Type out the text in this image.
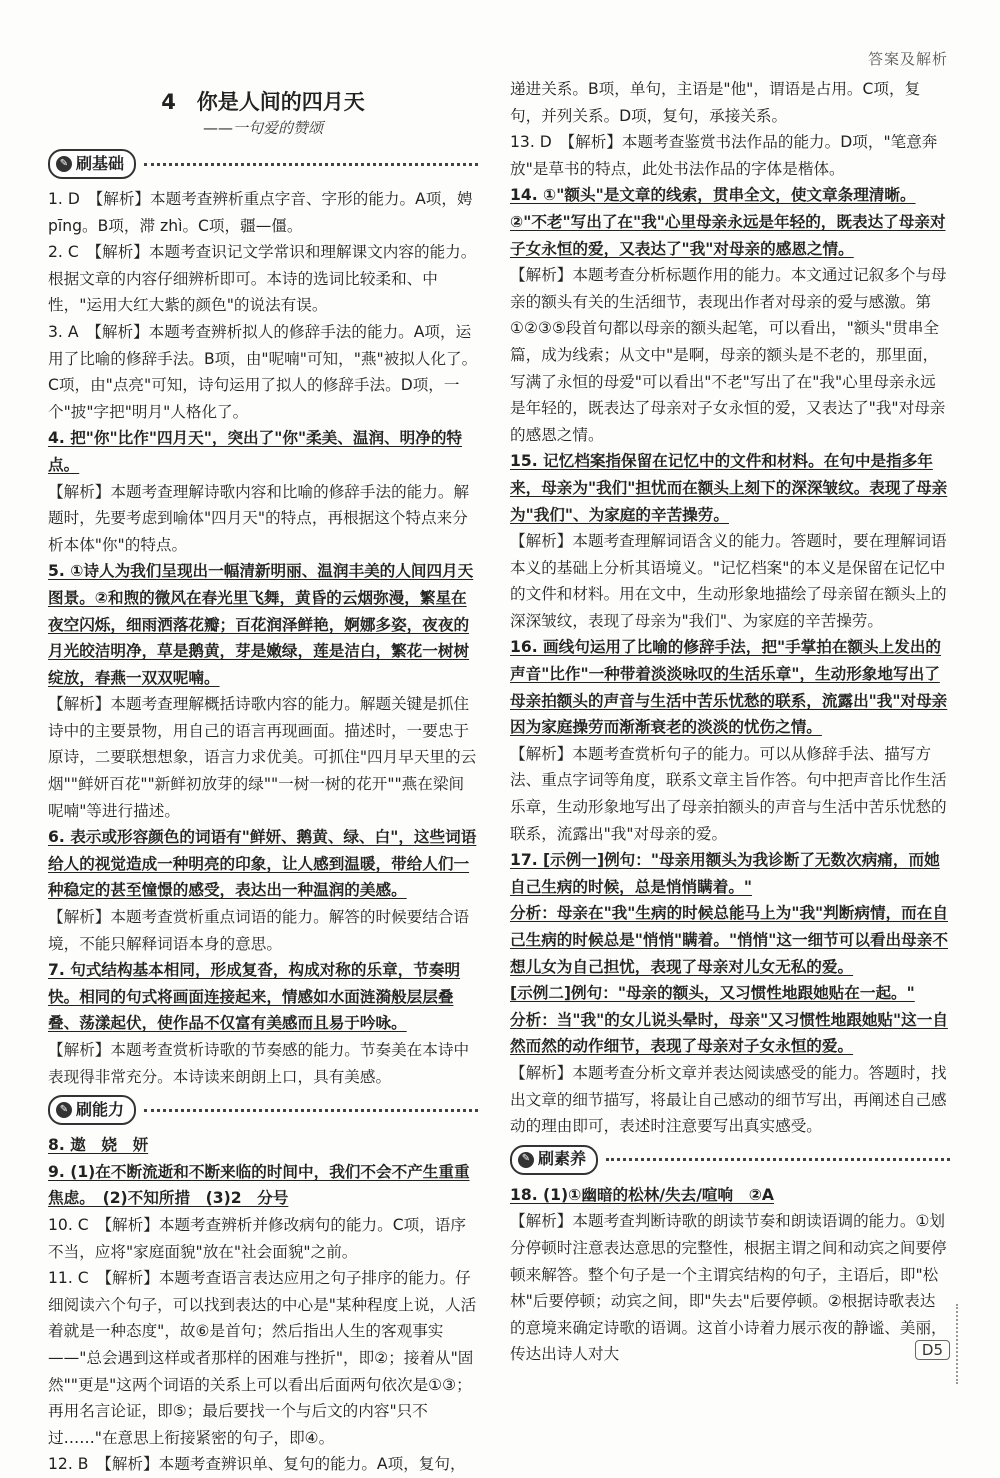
答案及解析
4　你是人间的四月天
——一句爱的赞颂
✎ 刷基础

1. D　【解析】本题考查辨析重点字音、字形的能力。A项，娉 pīng。B项，滞 zhì。C项，疆—僵。

2. C　【解析】本题考查识记文学常识和理解课文内容的能力。根据文章的内容仔细辨析即可。本诗的选词比较柔和、中性，"运用大红大紫的颜色"的说法有误。

3. A　【解析】本题考查辨析拟人的修辞手法的能力。A项，运用了比喻的修辞手法。B项，由"呢喃"可知，"燕"被拟人化了。C项，由"点亮"可知，诗句运用了拟人的修辞手法。D项，一个"披"字把"明月"人格化了。

4. 把"你"比作"四月天"，突出了"你"柔美、温润、明净的特点。

【解析】本题考查理解诗歌内容和比喻的修辞手法的能力。解题时，先要考虑到喻体"四月天"的特点，再根据这个特点来分析本体"你"的特点。

5. ①诗人为我们呈现出一幅清新明丽、温润丰美的人间四月天图景。②和煦的微风在春光里飞舞，黄昏的云烟弥漫，繁星在夜空闪烁，细雨洒落花瓣；百花润泽鲜艳，婀娜多姿，夜夜的月光皎洁明净，草是鹅黄，芽是嫩绿，莲是洁白，繁花一树树绽放，春燕一双双呢喃。

【解析】本题考查理解概括诗歌内容的能力。解题关键是抓住诗中的主要景物，用自己的语言再现画面。描述时，一要忠于原诗，二要联想想象，语言力求优美。可抓住"四月早天里的云烟""鲜妍百花""新鲜初放芽的绿""一树一树的花开""燕在梁间呢喃"等进行描述。

6. 表示或形容颜色的词语有"鲜妍、鹅黄、绿、白"，这些词语给人的视觉造成一种明亮的印象，让人感到温暖，带给人们一种稳定的甚至憧憬的感受，表达出一种温润的美感。

【解析】本题考查赏析重点词语的能力。解答的时候要结合语境，不能只解释词语本身的意思。

7. 句式结构基本相同，形成复沓，构成对称的乐章，节奏明快。相同的句式将画面连接起来，情感如水面涟漪般层层叠叠、荡漾起伏，使作品不仅富有美感而且易于吟咏。

【解析】本题考查赏析诗歌的节奏感的能力。节奏美在本诗中表现得非常充分。本诗读来朗朗上口，具有美感。

✎ 刷能力

8. 遨　娆　妍

9. (1)在不断流逝和不断来临的时间中，我们不会不产生重重焦虑。　(2)不知所措　(3)2　分号

10. C　【解析】本题考查辨析并修改病句的能力。C项，语序不当，应将"家庭面貌"放在"社会面貌"之前。

11. C　【解析】本题考查语言表达应用之句子排序的能力。仔细阅读六个句子，可以找到表达的中心是"某种程度上说，人活着就是一种态度"，故⑥是首句；然后指出人生的客观事实——"总会遇到这样或者那样的困难与挫折"，即②；接着从"固然""更是"这两个词语的关系上可以看出后面两句依次是①③；再用名言论证，即⑤；最后要找一个与后文的内容"只不过……"在意思上衔接紧密的句子，即④。

12. B　【解析】本题考查辨识单、复句的能力。A项，复句，

递进关系。B项，单句，主语是"他"，谓语是占用。C项，复句，并列关系。D项，复句，承接关系。

13. D　【解析】本题考查鉴赏书法作品的能力。D项，"笔意奔放"是草书的特点，此处书法作品的字体是楷体。

14. ①"额头"是文章的线索，贯串全文，使文章条理清晰。②"不老"写出了在"我"心里母亲永远是年轻的，既表达了母亲对子女永恒的爱，又表达了"我"对母亲的感恩之情。

【解析】本题考查分析标题作用的能力。本文通过记叙多个与母亲的额头有关的生活细节，表现出作者对母亲的爱与感激。第①②③⑤段首句都以母亲的额头起笔，可以看出，"额头"贯串全篇，成为线索；从文中"是啊，母亲的额头是不老的，那里面，写满了永恒的母爱"可以看出"不老"写出了在"我"心里母亲永远是年轻的，既表达了母亲对子女永恒的爱，又表达了"我"对母亲的感恩之情。

15. 记忆档案指保留在记忆中的文件和材料。在句中是指多年来，母亲为"我们"担忧而在额头上刻下的深深皱纹。表现了母亲为"我们"、为家庭的辛苦操劳。

【解析】本题考查理解词语含义的能力。答题时，要在理解词语本义的基础上分析其语境义。"记忆档案"的本义是保留在记忆中的文件和材料。用在文中，生动形象地描绘了母亲留在额头上的深深皱纹，表现了母亲为"我们"、为家庭的辛苦操劳。

16. 画线句运用了比喻的修辞手法，把"手掌拍在额头上发出的声音"比作"一种带着淡淡咏叹的生活乐章"，生动形象地写出了母亲拍额头的声音与生活中苦乐忧愁的联系，流露出"我"对母亲因为家庭操劳而渐渐衰老的淡淡的忧伤之情。

【解析】本题考查赏析句子的能力。可以从修辞手法、描写方法、重点字词等角度，联系文章主旨作答。句中把声音比作生活乐章，生动形象地写出了母亲拍额头的声音与生活中苦乐忧愁的联系，流露出"我"对母亲的爱。

17. [示例一]例句："母亲用额头为我诊断了无数次病痛，而她自己生病的时候，总是悄悄瞒着。"

分析：母亲在"我"生病的时候总能马上为"我"判断病情，而在自己生病的时候总是"悄悄"瞒着。"悄悄"这一细节可以看出母亲不想儿女为自己担忧，表现了母亲对儿女无私的爱。

[示例二]例句："母亲的额头，又习惯性地跟她贴在一起。"

分析：当"我"的女儿说头晕时，母亲"又习惯性地跟她贴"这一自然而然的动作细节，表现了母亲对子女永恒的爱。

【解析】本题考查分析文章并表达阅读感受的能力。答题时，找出文章的细节描写，将最让自己感动的细节写出，再阐述自己感动的理由即可，表述时注意要写出真实感受。

✎ 刷素养

18. (1)①幽暗的松林/失去/喧响　②A

【解析】本题考查判断诗歌的朗读节奏和朗读语调的能力。①划分停顿时注意表达意思的完整性，根据主谓之间和动宾之间要停顿来解答。整个句子是一个主谓宾结构的句子，主语后，即"松林"后要停顿；动宾之间，即"失去"后要停顿。②根据诗歌表达的意境来确定诗歌的语调。这首小诗着力展示夜的静谧、美丽，传达出诗人对大	D5
